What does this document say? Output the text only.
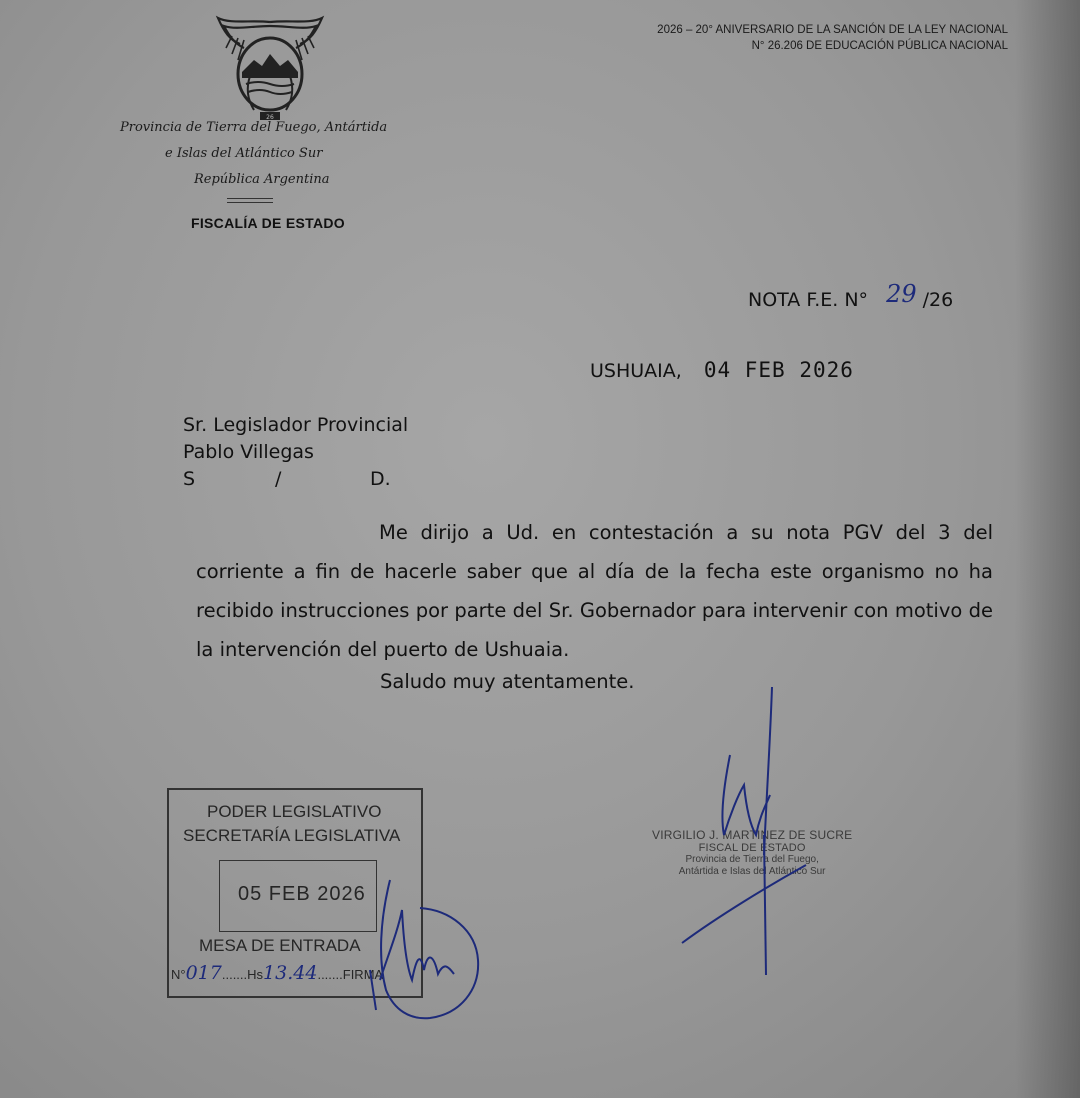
26
Provincia de Tierra del Fuego, Antártida
e Islas del Atlántico Sur
República Argentina
FISCALÍA DE ESTADO
2026 – 20° ANIVERSARIO DE LA SANCIÓN DE LA LEY NACIONAL
N° 26.206 DE EDUCACIÓN PÚBLICA NACIONAL
NOTA F.E. N° 29 /26
USHUAIA, 04 FEB 2026
Sr. Legislador Provincial
Pablo Villegas
S	/	D.
Me dirijo a Ud. en contestación a su nota PGV del 3 del corriente a fin de hacerle saber que al día de la fecha este organismo no ha recibido instrucciones por parte del Sr. Gobernador para intervenir con motivo de la intervención del puerto de Ushuaia.
Saludo muy atentamente.
PODER LEGISLATIVO
SECRETARÍA LEGISLATIVA
05 FEB 2026
MESA DE ENTRADA
N°017.......Hs13.44.......FIRMA
VIRGILIO J. MARTINEZ DE SUCRE
FISCAL DE ESTADO
Provincia de Tierra del Fuego,
Antártida e Islas del Atlántico Sur
